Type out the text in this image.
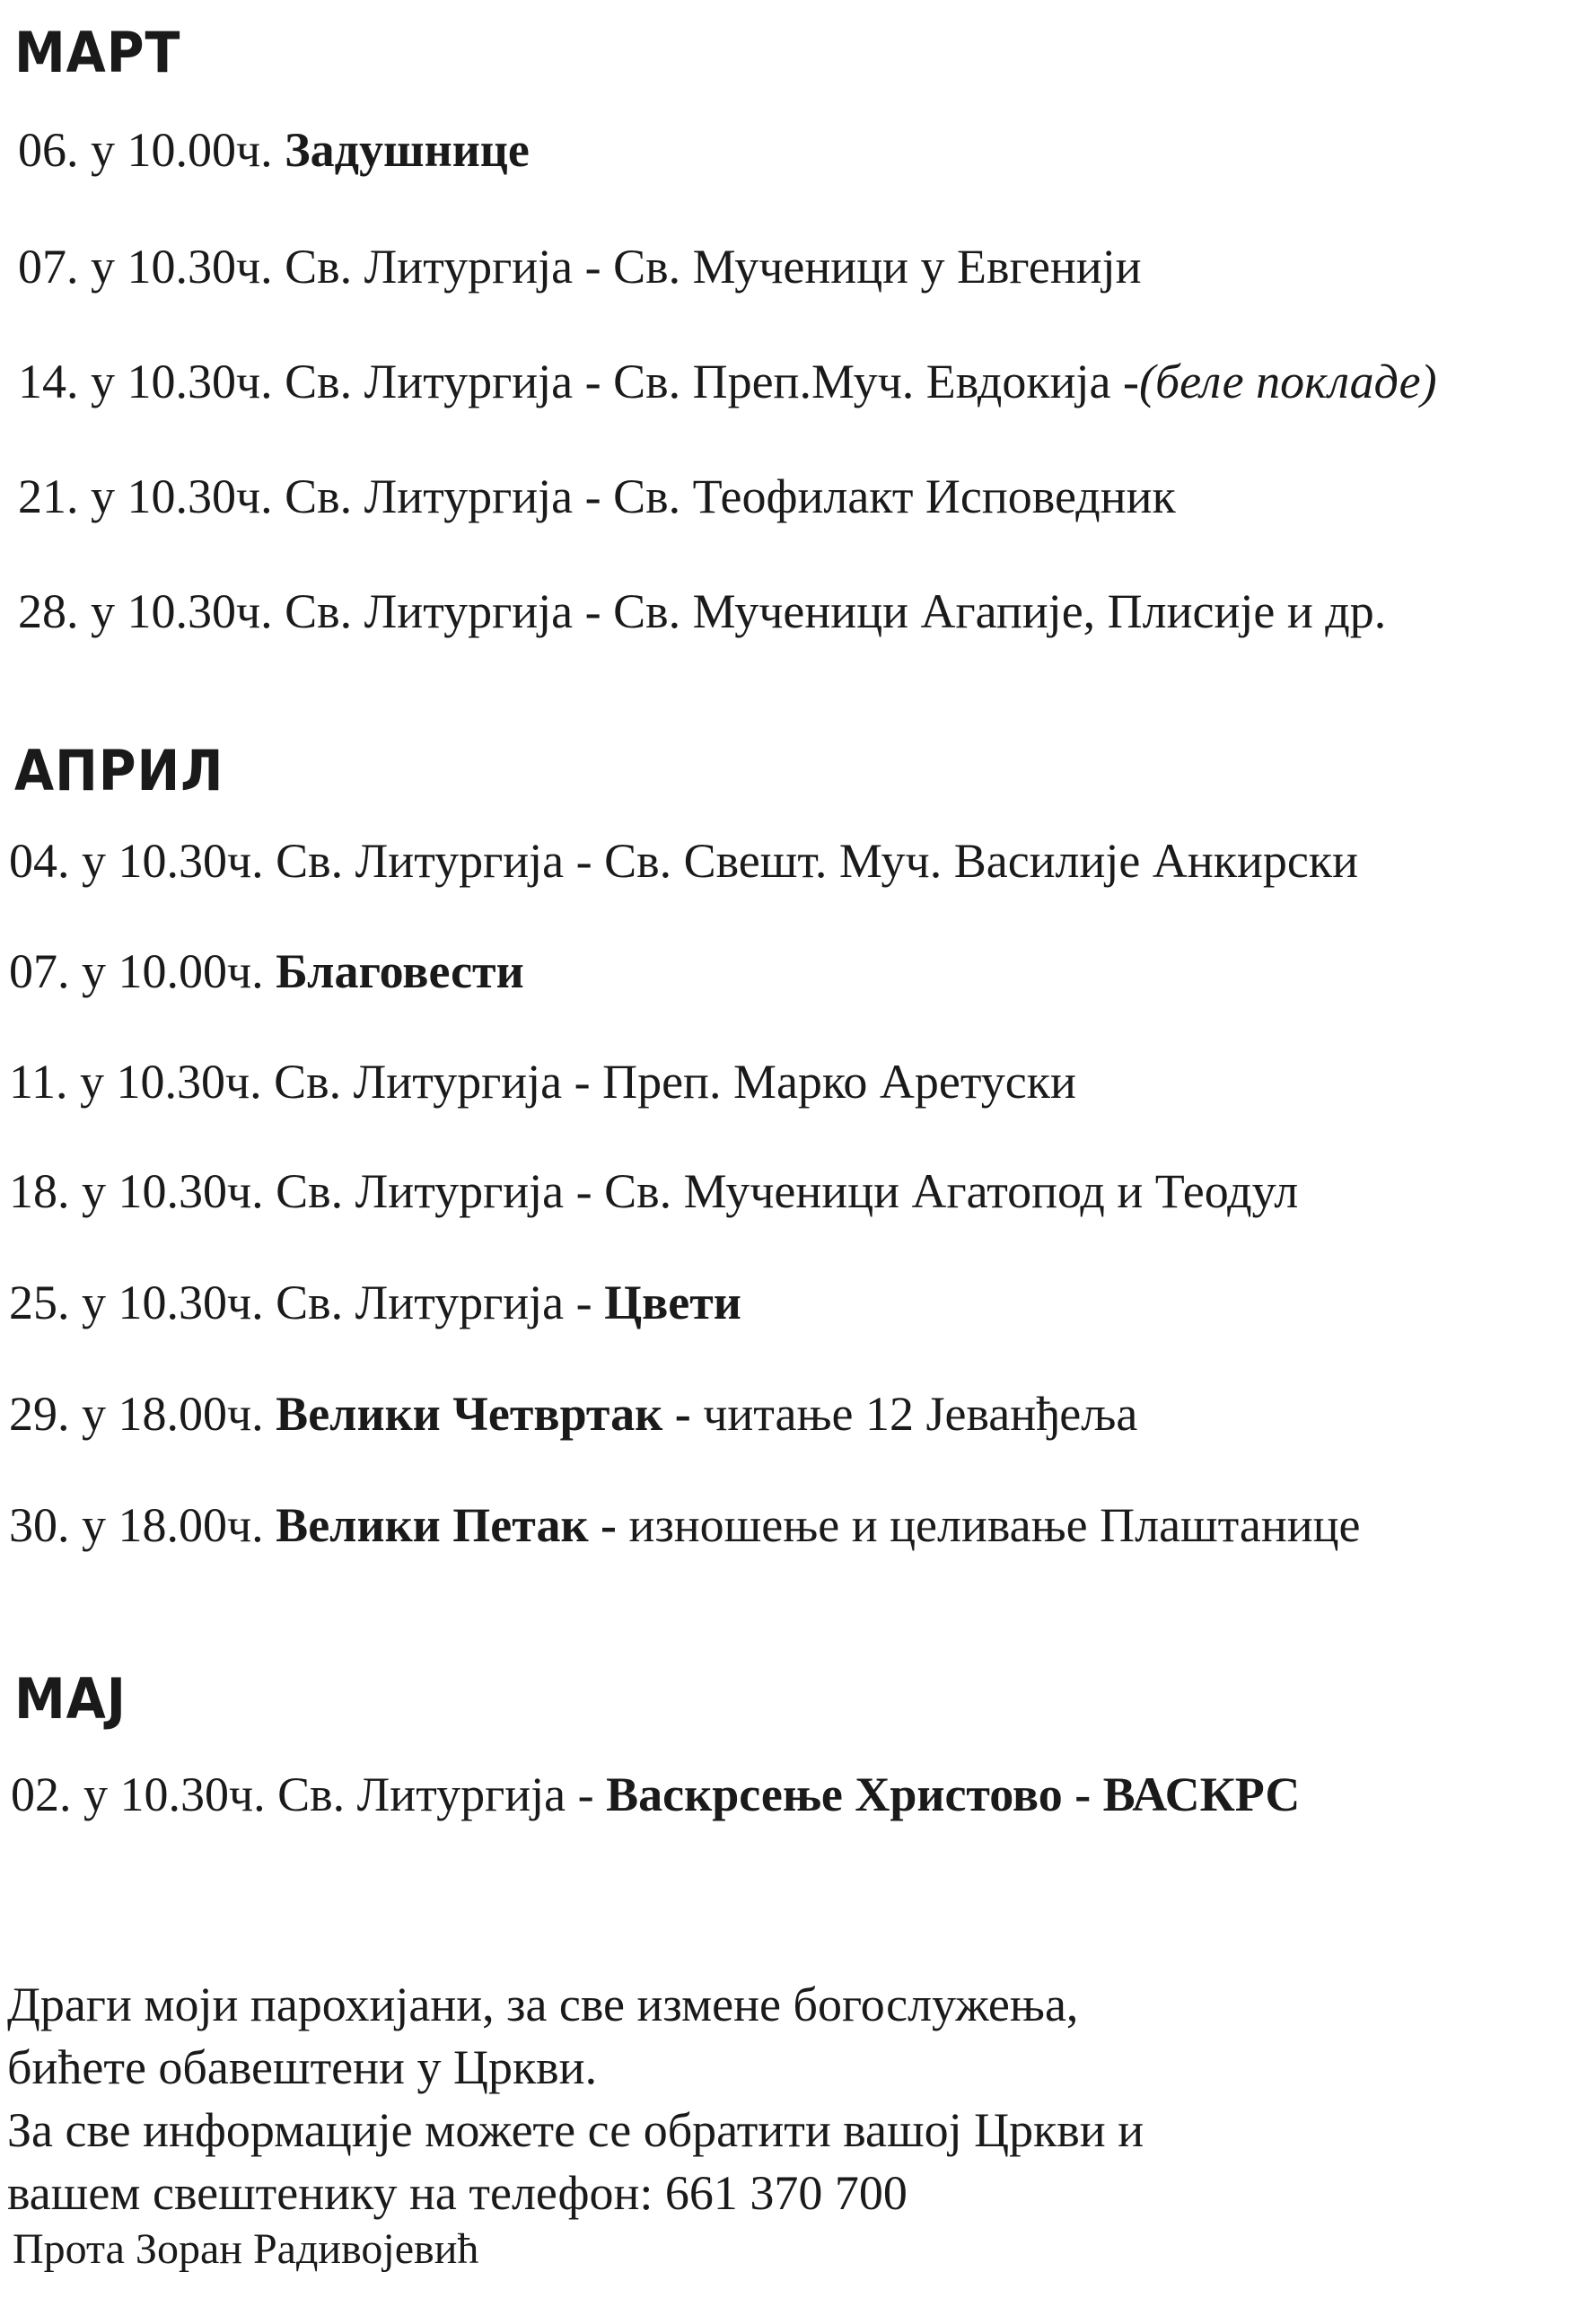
МАРТ
06. у 10.00ч. Задушнице
07. у 10.30ч. Св. Литургија - Св. Мученици у Евгенији
14. у 10.30ч. Св. Литургија - Св. Преп.Муч. Евдокија -(беле покладе)
21. у 10.30ч. Св. Литургија - Св. Теофилакт Исповедник
28. у 10.30ч. Св. Литургија - Св. Мученици Агапије, Плисије и др.
АПРИЛ
04. у 10.30ч. Св. Литургија - Св. Свешт. Муч. Василије Анкирски
07. у 10.00ч. Благовести
11. у 10.30ч. Св. Литургија - Преп. Марко Аретуски
18. у 10.30ч. Св. Литургија - Св. Мученици Агатопод и Теодул
25. у 10.30ч. Св. Литургија - Цвети
29. у 18.00ч. Велики Четвртак - читање 12 Јеванђеља
30. у 18.00ч. Велики Петак - изношење и целивање Плаштанице
МАЈ
02. у 10.30ч. Св. Литургија - Васкрсење Христово - ВАСКРС
Драги моји парохијани, за све измене богослужења,
бићете обавештени у Цркви.
За све информације можете се обратити вашој Цркви и
вашем свештенику на телефон: 661 370 700
Прота Зоран Радивојевић
